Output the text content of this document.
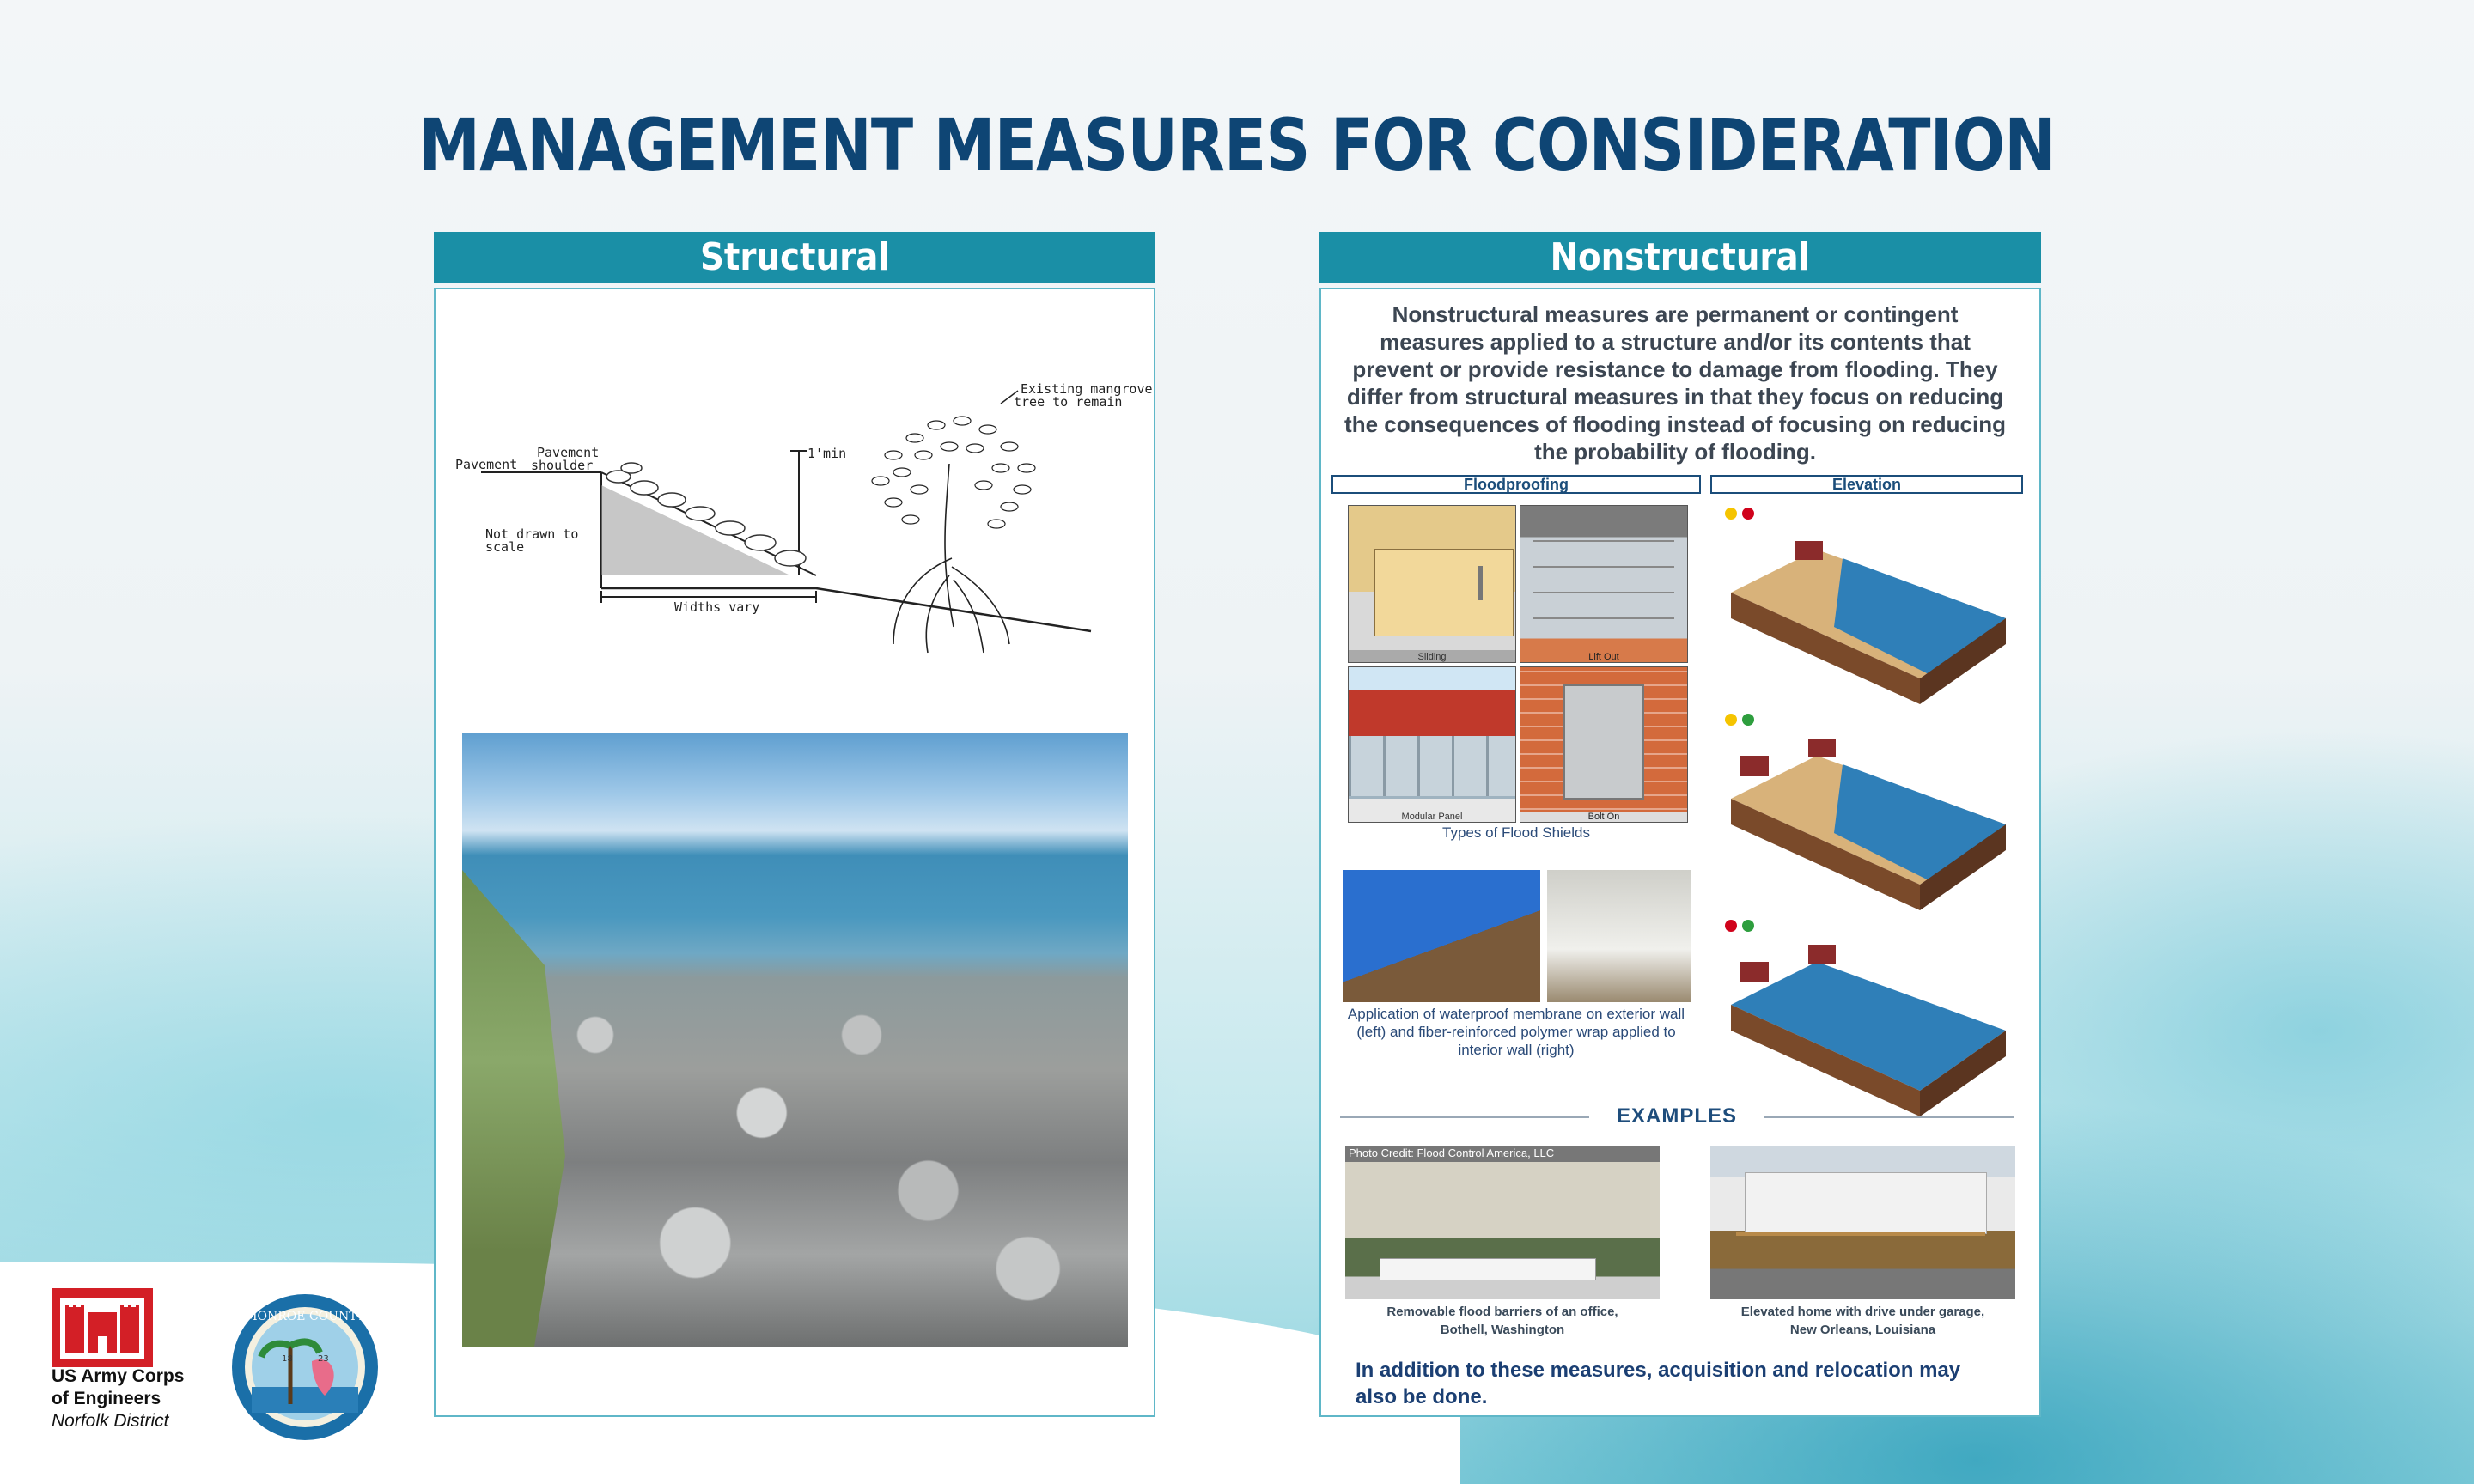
MANAGEMENT MEASURES FOR CONSIDERATION
Structural
Pavement
Pavement
shoulder
Existing mangrove
tree to remain
1'min
Not drawn to
scale
Widths vary
Nonstructural
Nonstructural measures are permanent or contingent measures applied to a structure and/or its contents that prevent or provide resistance to damage from flooding. They differ from structural measures in that they focus on reducing the consequences of flooding instead of focusing on reducing the probability of flooding.
Floodproofing	Elevation
Sliding	Lift Out
Modular Panel	Bolt On
Types of Flood Shields
Application of waterproof membrane on exterior wall (left) and fiber-reinforced polymer wrap applied to interior wall (right)
EXAMPLES
Photo Credit: Flood Control America, LLC
Removable flood barriers of an office,
Bothell, Washington
Elevated home with drive under garage,
New Orleans, Louisiana
In addition to these measures, acquisition and relocation may also be done.
US Army Corps
of Engineers
Norfolk District
MONROE COUNTY
18	23
